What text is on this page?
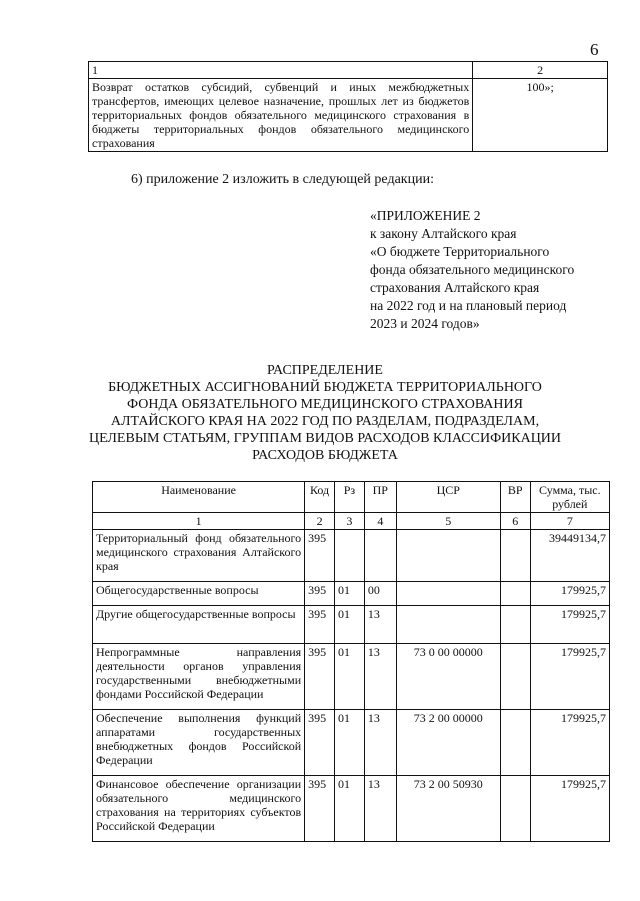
6
1	2
Возврат остатков субсидий, субвенций и иных межбюджетных трансфертов, имеющих целевое назначение, прошлых лет из бюджетов территориальных фондов обязательного медицинского страхования в бюджеты территориальных фондов обязательного медицинского страхования	100»;
6) приложение 2 изложить в следующей редакции:
«ПРИЛОЖЕНИЕ 2
к закону Алтайского края
«О бюджете Территориального
фонда обязательного медицинского
страхования Алтайского края
на 2022 год и на плановый период
2023 и 2024 годов»
РАСПРЕДЕЛЕНИЕ
БЮДЖЕТНЫХ АССИГНОВАНИЙ БЮДЖЕТА ТЕРРИТОРИАЛЬНОГО
ФОНДА ОБЯЗАТЕЛЬНОГО МЕДИЦИНСКОГО СТРАХОВАНИЯ
АЛТАЙСКОГО КРАЯ НА 2022 ГОД ПО РАЗДЕЛАМ, ПОДРАЗДЕЛАМ,
ЦЕЛЕВЫМ СТАТЬЯМ, ГРУППАМ ВИДОВ РАСХОДОВ КЛАССИФИКАЦИИ
РАСХОДОВ БЮДЖЕТА
Наименование	Код	Рз	ПР	ЦСР	ВР	Сумма, тыс. рублей
1	2	3	4	5	6	7
Территориальный фонд обязательного медицинского страхования Алтайского края	395					39449134,7
Общегосударственные вопросы	395	01	00			179925,7
Другие общегосударственные вопросы	395	01	13			179925,7
Непрограммные направления деятельности органов управления государственными внебюджетными фондами Российской Федерации	395	01	13	73 0 00 00000		179925,7
Обеспечение выполнения функций аппаратами государственных внебюджетных фондов Российской Федерации	395	01	13	73 2 00 00000		179925,7
Финансовое обеспечение организации обязательного медицинского страхования на территориях субъектов Российской Федерации	395	01	13	73 2 00 50930		179925,7
